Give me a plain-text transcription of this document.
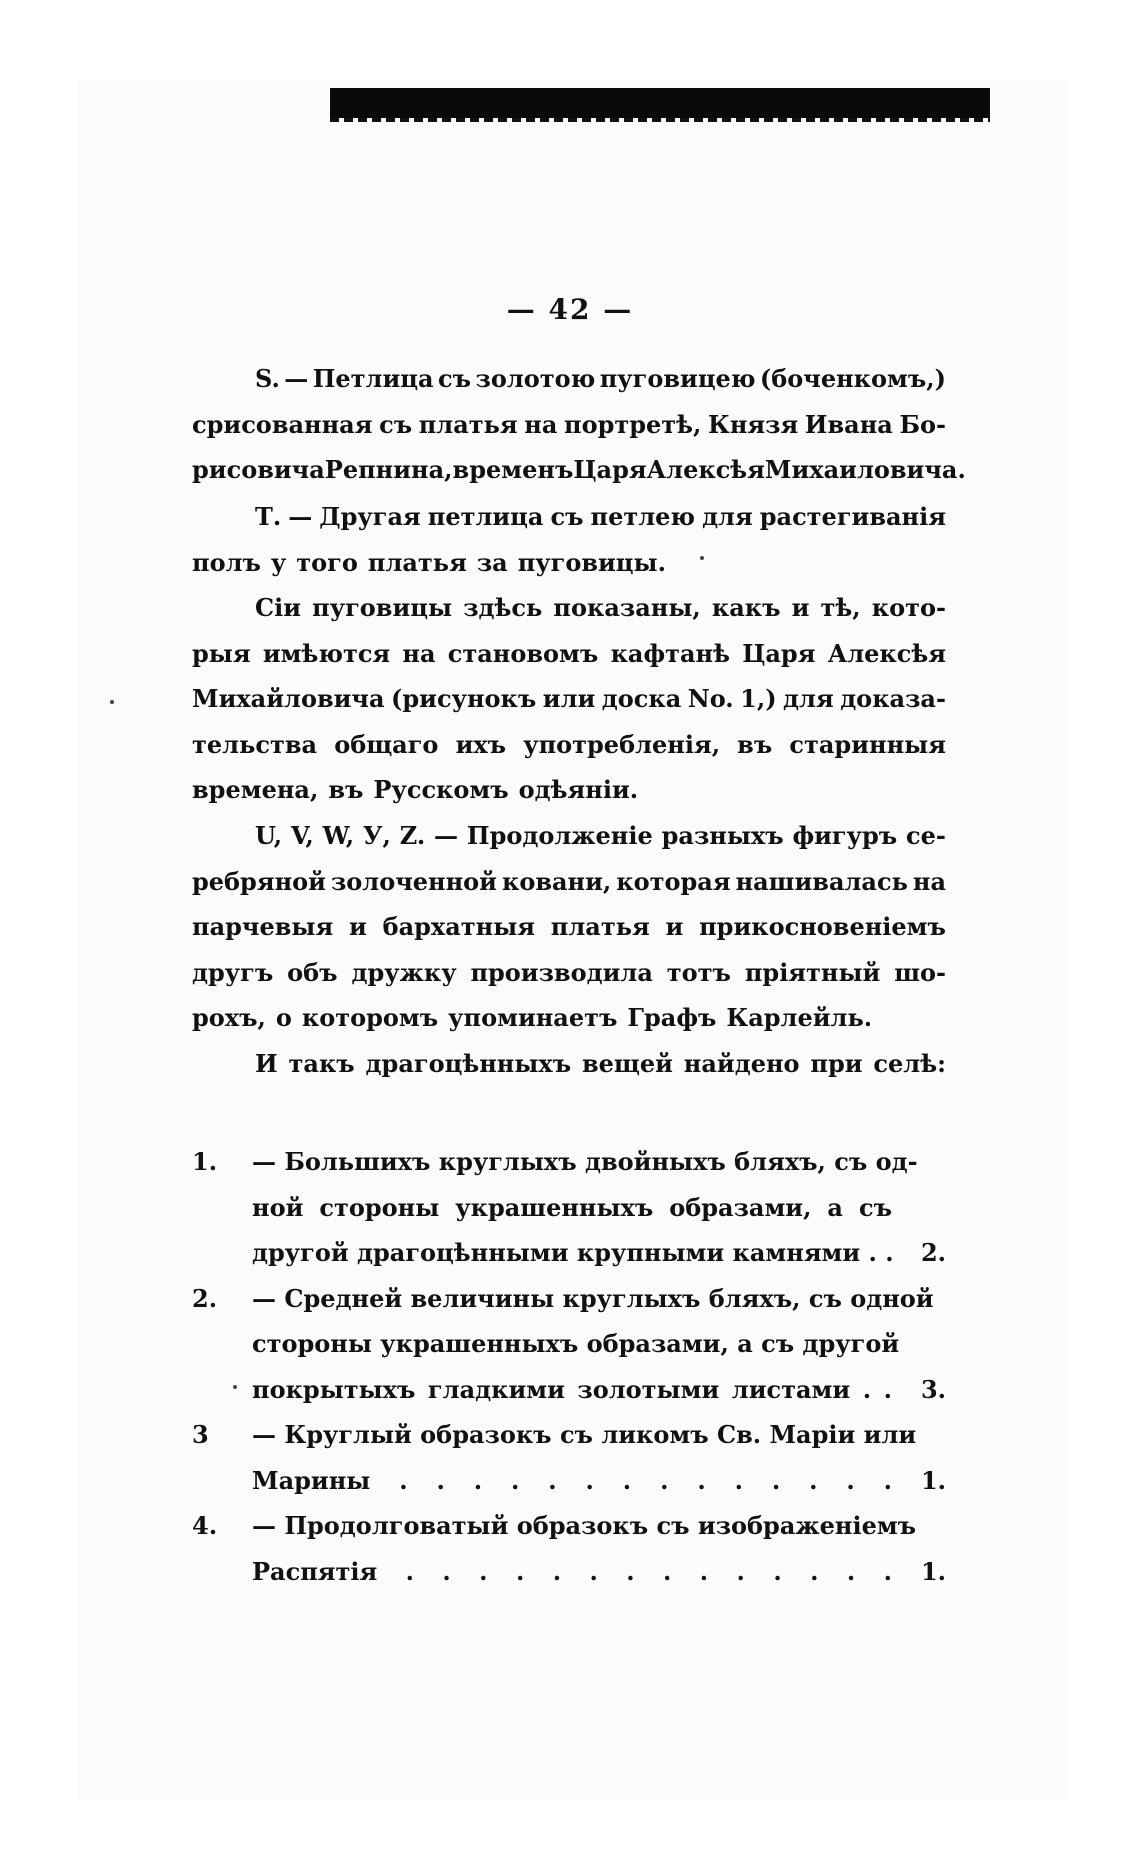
— 42 —
S. — Петлица съ золотою пуговицею (боченкомъ,)
срисованная съ платья на портретѣ, Князя Ивана Бо-
рисовича Репнина, временъ Царя Алексѣя Михаиловича.
Т. — Другая петлица съ петлею для растегиванія
полъ у того платья за пуговицы.
Сіи пуговицы здѣсь показаны, какъ и тѣ, кото-
рыя имѣются на становомъ кафтанѣ Царя Алексѣя
Михайловича (рисунокъ или доска No. 1,) для доказа-
тельства общаго ихъ употребленія, въ старинныя
времена, въ Русскомъ одѣяніи.
U, V, W, У, Z. — Продолженіе разныхъ фигуръ се-
ребряной золоченной ковани, которая нашивалась на
парчевыя и бархатныя платья и прикосновеніемъ
другъ объ дружку производила тотъ пріятный шо-
рохъ, о которомъ упоминаетъ Графъ Карлейль.
И такъ драгоцѣнныхъ вещей найдено при селѣ:
1.	— Большихъ круглыхъ двойныхъ бляхъ, съ од-
ной стороны украшенныхъ образами, а съ
другой драгоцѣнными крупными камнями . . 2.
2.	— Средней величины круглыхъ бляхъ, съ одной
стороны украшенныхъ образами, а съ другой
покрытыхъ гладкими золотыми листами . . 3.
3	— Круглый образокъ съ ликомъ Св. Маріи или
Марины . . . . . . . . . . . . . . 1.
4.	— Продолговатый образокъ съ изображеніемъ
Распятія . . . . . . . . . . . . . . 1.
